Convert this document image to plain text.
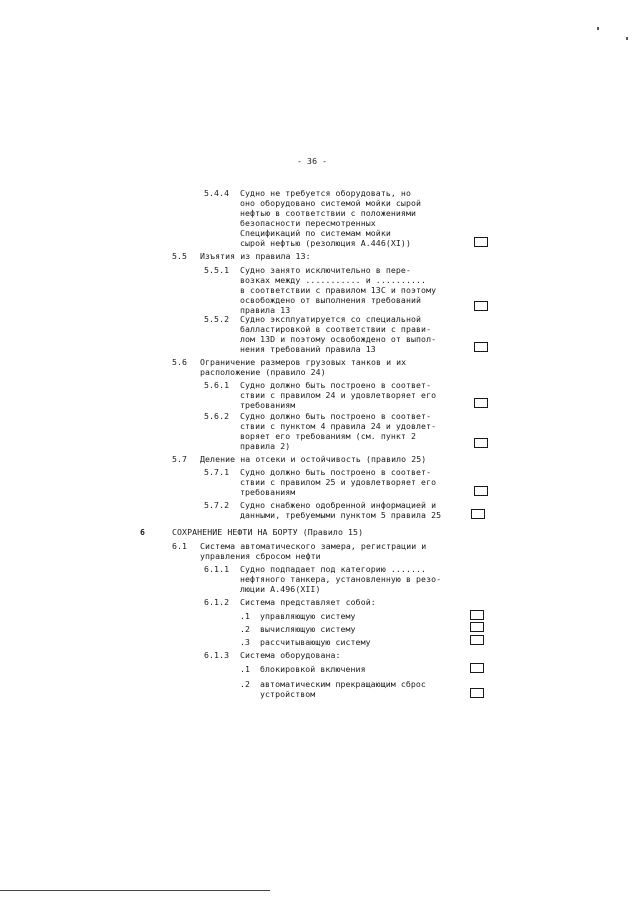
- 36 -
5.4.4 Судно не требуется оборудовать, но
оно оборудовано системой мойки сырой
нефтью в соответствии с положениями
безопасности пересмотренных
Спецификаций по системам мойки
сырой нефтью (резолюция А.446(XI))
5.5 Изъятия из правила 13:
5.5.1 Судно занято исключительно в пере-
возках между ........... и ..........
в соответствии с правилом 13С и поэтому
освобождено от выполнения требований
правила 13
5.5.2 Судно эксплуатируется со специальной
балластировкой в соответствии с прави-
лом 13D и поэтому освобождено от выпол-
нения требований правила 13
5.6 Ограничение размеров грузовых танков и их
расположение (правило 24)
5.6.1 Судно должно быть построено в соответ-
ствии с правилом 24 и удовлетворяет его
требованиям
5.6.2 Судно должно быть построено в соответ-
ствии с пунктом 4 правила 24 и удовлет-
воряет его требованиям (см. пункт 2
правила 2)
5.7 Деление на отсеки и остойчивость (правило 25)
5.7.1 Судно должно быть построено в соответ-
ствии с правилом 25 и удовлетворяет его
требованиям
5.7.2 Судно снабжено одобренной информацией и
данными, требуемыми пунктом 5 правила 25
6	СОХРАНЕНИЕ НЕФТИ НА БОРТУ (Правило 15)
6.1 Система автоматического замера, регистрации и
управления сбросом нефти
6.1.1 Судно подпадает под категорию .......
нефтяного танкера, установленную в резо-
люции А.496(XII)
6.1.2 Система представляет собой:
.1 управляющую систему
.2 вычисляющую систему
.3 рассчитывающую систему
6.1.3 Система оборудована:
.1 блокировкой включения
.2 автоматическим прекращающим сброс
устройством
